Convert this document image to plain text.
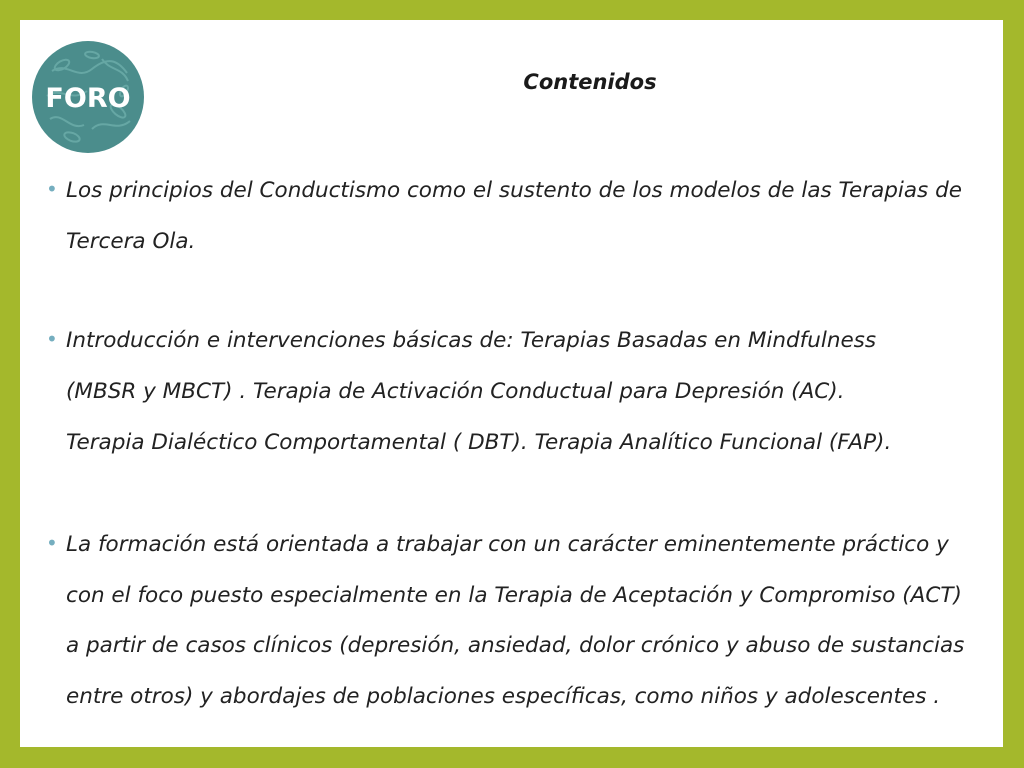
FORO
Contenidos
• Los principios del Conductismo como el sustento de los modelos de las Terapias de
Tercera Ola.
• Introducción e intervenciones básicas de: Terapias Basadas en Mindfulness
(MBSR y MBCT) . Terapia de Activación Conductual para Depresión (AC).
Terapia Dialéctico Comportamental ( DBT). Terapia Analítico Funcional (FAP).
• La formación está orientada a trabajar con un carácter eminentemente práctico y
con el foco puesto especialmente en la Terapia de Aceptación y Compromiso (ACT)
a partir de casos clínicos (depresión, ansiedad, dolor crónico y abuso de sustancias
entre otros) y abordajes de poblaciones específicas, como niños y adolescentes .
